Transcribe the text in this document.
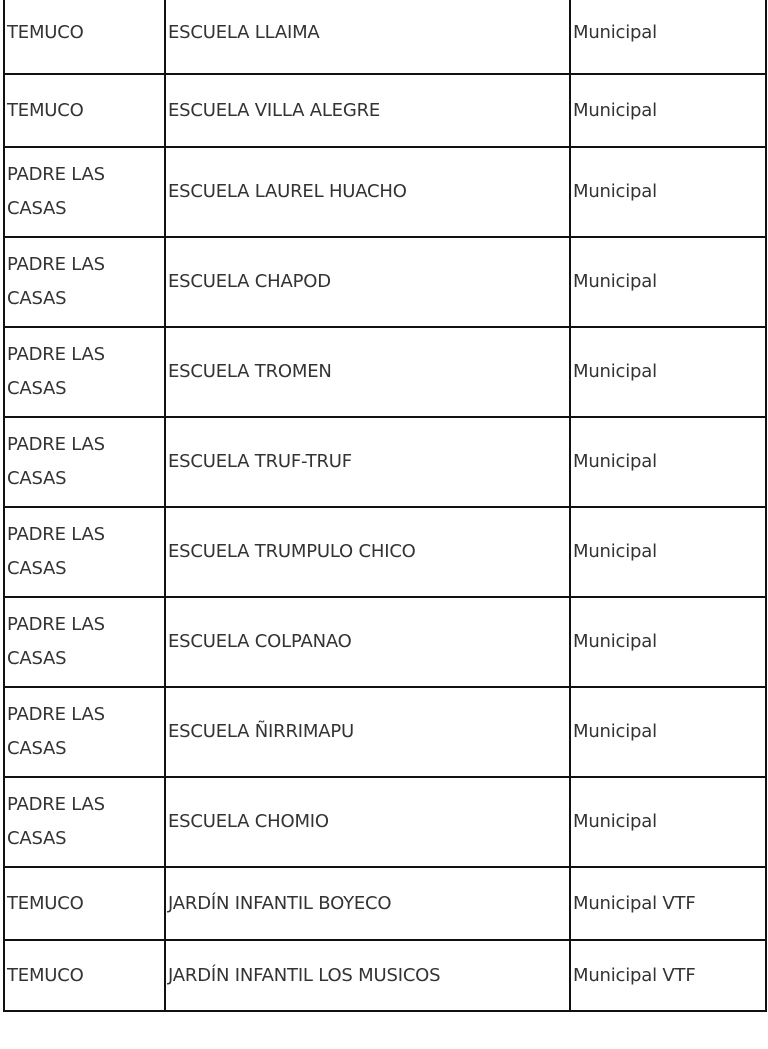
TEMUCO	ESCUELA LLAIMA	Municipal
TEMUCO	ESCUELA VILLA ALEGRE	Municipal
PADRE LAS CASAS	ESCUELA LAUREL HUACHO	Municipal
PADRE LAS CASAS	ESCUELA CHAPOD	Municipal
PADRE LAS CASAS	ESCUELA TROMEN	Municipal
PADRE LAS CASAS	ESCUELA TRUF-TRUF	Municipal
PADRE LAS CASAS	ESCUELA TRUMPULO CHICO	Municipal
PADRE LAS CASAS	ESCUELA COLPANAO	Municipal
PADRE LAS CASAS	ESCUELA ÑIRRIMAPU	Municipal
PADRE LAS CASAS	ESCUELA CHOMIO	Municipal
TEMUCO	JARDÍN INFANTIL BOYECO	Municipal VTF
TEMUCO	JARDÍN INFANTIL LOS MUSICOS	Municipal VTF
